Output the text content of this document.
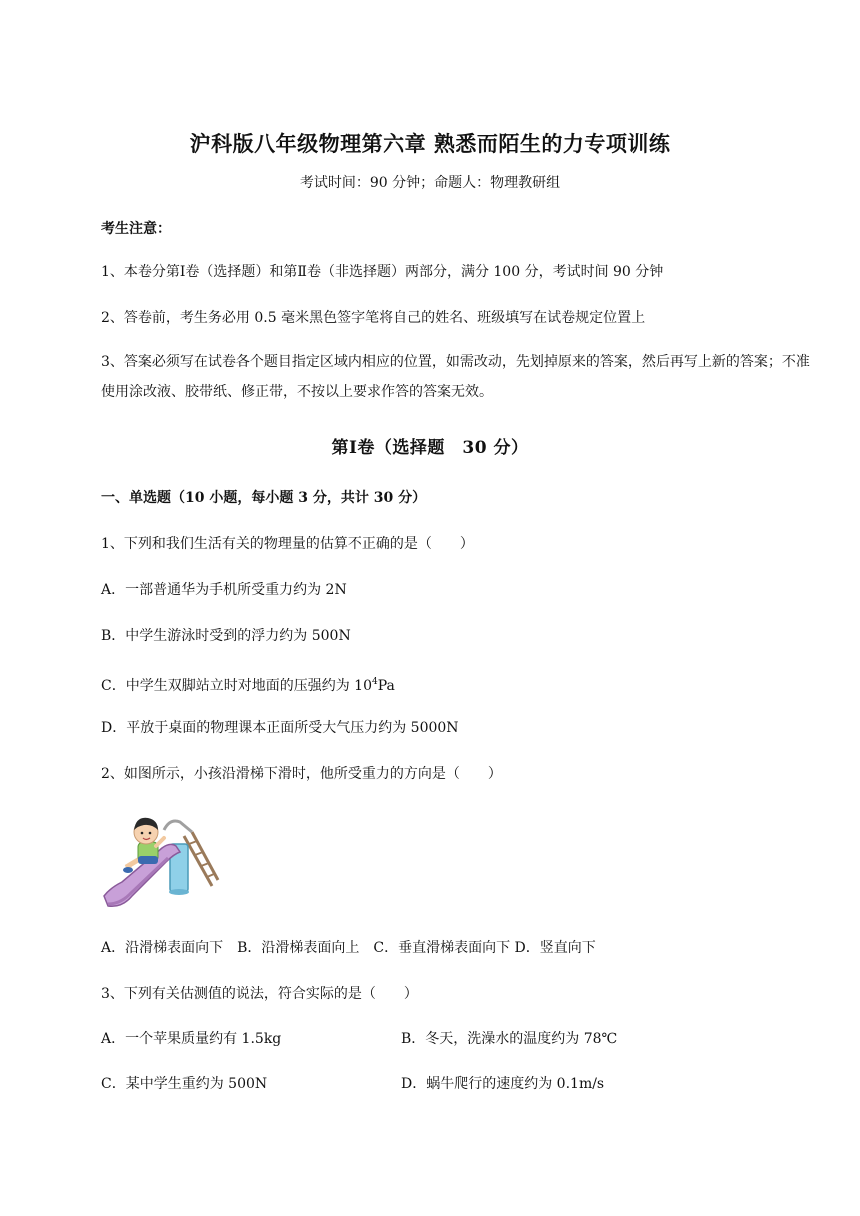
沪科版八年级物理第六章 熟悉而陌生的力专项训练
考试时间：90 分钟；命题人：物理教研组
考生注意：
1、本卷分第Ⅰ卷（选择题）和第Ⅱ卷（非选择题）两部分，满分 100 分，考试时间 90 分钟
2、答卷前，考生务必用 0.5 毫米黑色签字笔将自己的姓名、班级填写在试卷规定位置上
3、答案必须写在试卷各个题目指定区域内相应的位置，如需改动，先划掉原来的答案，然后再写上新的答案；不准使用涂改液、胶带纸、修正带，不按以上要求作答的答案无效。
第Ⅰ卷（选择题　30 分）
一、单选题（10 小题，每小题 3 分，共计 30 分）
1、下列和我们生活有关的物理量的估算不正确的是（　　）
A．一部普通华为手机所受重力约为 2N
B．中学生游泳时受到的浮力约为 500N
C．中学生双脚站立时对地面的压强约为 $10^4Pa$
D．平放于桌面的物理课本正面所受大气压力约为 5000N
2、如图所示，小孩沿滑梯下滑时，他所受重力的方向是（　　）
A．沿滑梯表面向下　B．沿滑梯表面向上　C．垂直滑梯表面向下 D．竖直向下
3、下列有关估测值的说法，符合实际的是（　　）
A．一个苹果质量约有 1.5kg	B．冬天，洗澡水的温度约为 78℃
C．某中学生重约为 500N	D．蜗牛爬行的速度约为 0.1m/s
